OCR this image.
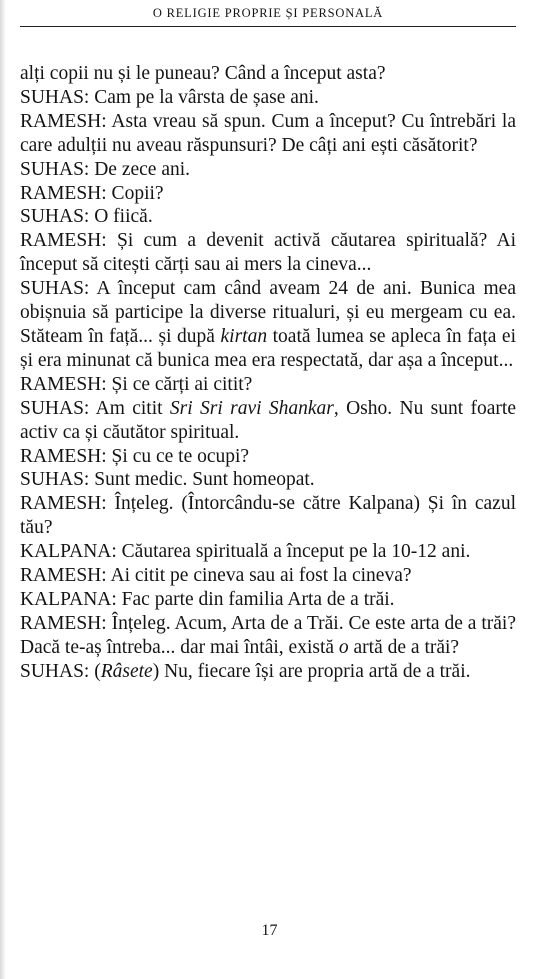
O RELIGIE PROPRIE ȘI PERSONALĂ

alți copii nu și le puneau? Când a început asta?

SUHAS: Cam pe la vârsta de șase ani.

RAMESH: Asta vreau să spun. Cum a început? Cu întrebări la care adulții nu aveau răspunsuri? De câți ani ești căsătorit?

SUHAS: De zece ani.

RAMESH: Copii?

SUHAS: O fiică.

RAMESH: Și cum a devenit activă căutarea spirituală? Ai început să citești cărți sau ai mers la cineva...

SUHAS: A început cam când aveam 24 de ani. Bunica mea obișnuia să participe la diverse ritualuri, și eu mergeam cu ea. Stăteam în față... și după kirtan toată lumea se apleca în fața ei și era minunat că bunica mea era respectată, dar așa a început...

RAMESH: Și ce cărți ai citit?

SUHAS: Am citit Sri Sri ravi Shankar, Osho. Nu sunt foarte activ ca și căutător spiritual.

RAMESH: Și cu ce te ocupi?

SUHAS: Sunt medic. Sunt homeopat.

RAMESH: Înțeleg. (Întorcându-se către Kalpana) Și în cazul tău?

KALPANA: Căutarea spirituală a început pe la 10-12 ani.

RAMESH: Ai citit pe cineva sau ai fost la cineva?

KALPANA: Fac parte din familia Arta de a trăi.

RAMESH: Înțeleg. Acum, Arta de a Trăi. Ce este arta de a trăi? Dacă te-aș întreba... dar mai întâi, există o artă de a trăi?

SUHAS: (Râsete) Nu, fiecare își are propria artă de a trăi.

17
